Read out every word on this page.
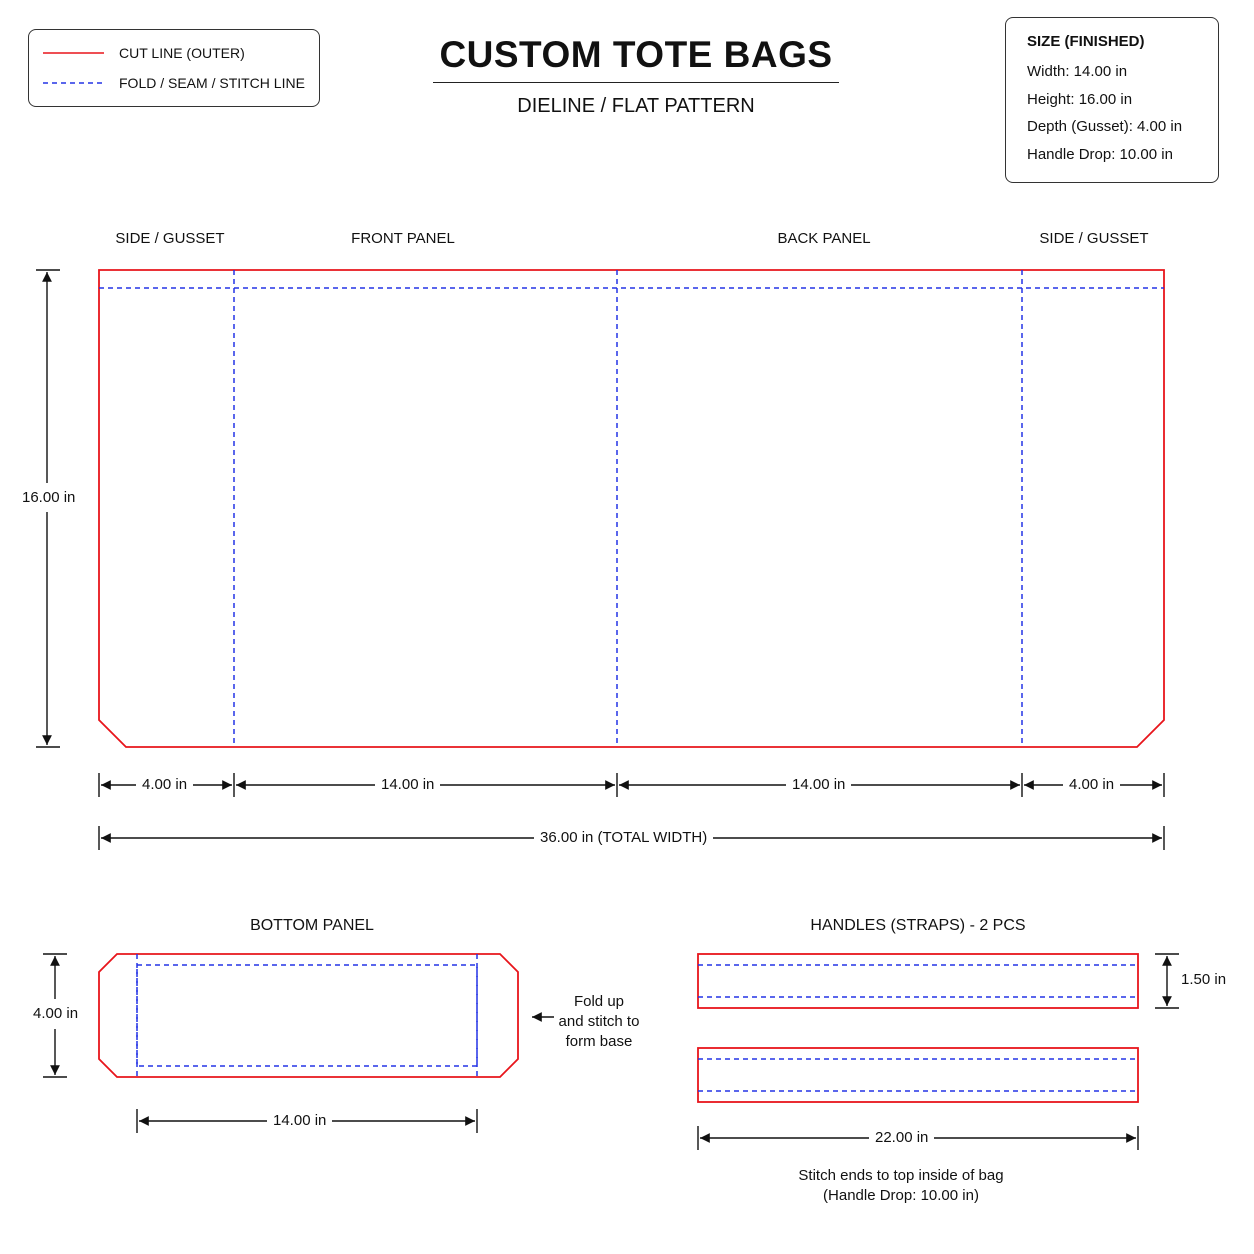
CUT LINE (OUTER)
FOLD / SEAM / STITCH LINE
CUSTOM TOTE BAGS
DIELINE / FLAT PATTERN
SIZE (FINISHED)
Width: 14.00 in
Height: 16.00 in
Depth (Gusset): 4.00 in
Handle Drop: 10.00 in
SIDE / GUSSET	FRONT PANEL	BACK PANEL	SIDE / GUSSET
16.00 in
4.00 in	14.00 in	14.00 in	4.00 in
36.00 in (TOTAL WIDTH)
BOTTOM PANEL
4.00 in
14.00 in
Fold up
and stitch to
form base
HANDLES (STRAPS) - 2 PCS
1.50 in
22.00 in
Stitch ends to top inside of bag
(Handle Drop: 10.00 in)
